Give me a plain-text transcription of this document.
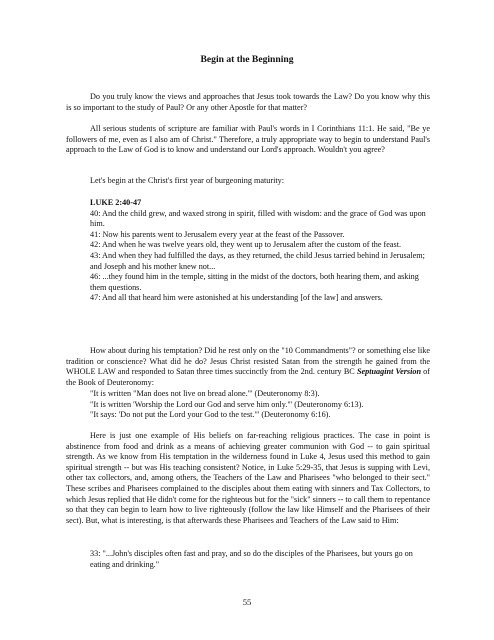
Begin at the Beginning

Do you truly know the views and approaches that Jesus took towards the Law? Do you know why this is so important to the study of Paul? Or any other Apostle for that matter?

All serious students of scripture are familiar with Paul's words in I Corinthians 11:1. He said, "Be ye followers of me, even as I also am of Christ." Therefore, a truly appropriate way to begin to understand Paul's approach to the Law of God is to know and understand our Lord's approach. Wouldn't you agree?

Let's begin at the Christ's first year of burgeoning maturity:

LUKE 2:40-47
40: And the child grew, and waxed strong in spirit, filled with wisdom: and the grace of God was upon him.
41: Now his parents went to Jerusalem every year at the feast of the Passover.
42: And when he was twelve years old, they went up to Jerusalem after the custom of the feast.
43: And when they had fulfilled the days, as they returned, the child Jesus tarried behind in Jerusalem; and Joseph and his mother knew not...
46: ...they found him in the temple, sitting in the midst of the doctors, both hearing them, and asking them questions.
47: And all that heard him were astonished at his understanding [of the law] and answers.

How about during his temptation? Did he rest only on the "10 Commandments"? or something else like tradition or conscience? What did he do? Jesus Christ resisted Satan from the strength he gained from the WHOLE LAW and responded to Satan three times succinctly from the 2nd. century BC Septuagint Version of the Book of Deuteronomy:

"It is written "Man does not live on bread alone."' (Deuteronomy 8:3).
"It is written 'Worship the Lord our God and serve him only."' (Deuteronomy 6:13).
"It says: 'Do not put the Lord your God to the test."' (Deuteronomy 6:16).

Here is just one example of His beliefs on far-reaching religious practices. The case in point is abstinence from food and drink as a means of achieving greater communion with God -- to gain spiritual strength. As we know from His temptation in the wilderness found in Luke 4, Jesus used this method to gain spiritual strength -- but was His teaching consistent? Notice, in Luke 5:29-35, that Jesus is supping with Levi, other tax collectors, and, among others, the Teachers of the Law and Pharisees "who belonged to their sect." These scribes and Pharisees complained to the disciples about them eating with sinners and Tax Collectors, to which Jesus replied that He didn't come for the righteous but for the "sick" sinners -- to call them to repentance so that they can begin to learn how to live righteously (follow the law like Himself and the Pharisees of their sect). But, what is interesting, is that afterwards these Pharisees and Teachers of the Law said to Him:

33: "...John's disciples often fast and pray, and so do the disciples of the Pharisees, but yours go on eating and drinking."
55
